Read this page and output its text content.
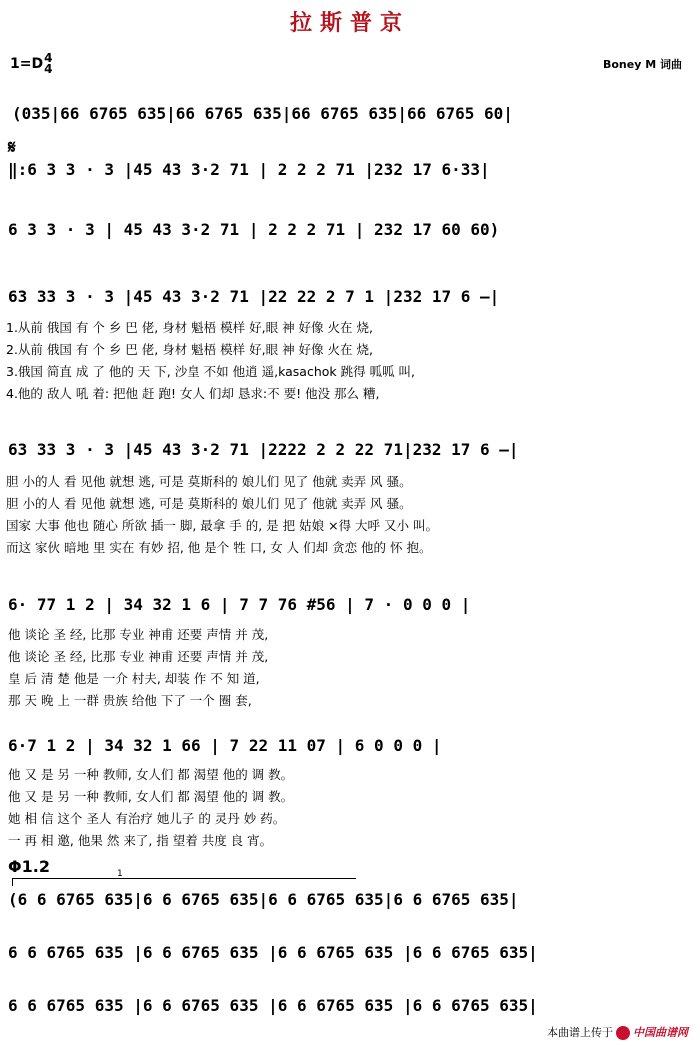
拉斯普京
1=D4
4	Boney M 词曲
(035|66 6765 635|66 6765 635|66 6765 635|66 6765 60|
𝄋
‖:6 3 3 · 3 |45 43 3·2 71 | 2 2 2 71 |232 17 6·33|
6 3 3 · 3 | 45 43 3·2 71 | 2 2 2 71 | 232 17 60 60)
63 33 3 · 3 |45 43 3·2 71 |22 22 2 7 1 |232 17 6 –|
1.从前 俄国 有 个 乡 巴 佬, 身材 魁梧 模样 好,眼 神 好像 火在 烧,
2.从前 俄国 有 个 乡 巴 佬, 身材 魁梧 模样 好,眼 神 好像 火在 烧,
3.俄国 简直 成 了 他的 天 下, 沙皇 不如 他逍 遥,kasachok 跳得 呱呱 叫,
4.他的 敌人 吼 着: 把他 赶 跑! 女人 们却 恳求:不 要! 他没 那么 糟,
63 33 3 · 3 |45 43 3·2 71 |2222 2 2 22 71|232 17 6 –|
胆 小的人 看 见他 就想 逃, 可是 莫斯科的 娘儿们 见了 他就 卖弄 风 骚。
胆 小的人 看 见他 就想 逃, 可是 莫斯科的 娘儿们 见了 他就 卖弄 风 骚。
国家 大事 他也 随心 所欲 插一 脚, 最拿 手 的, 是 把 姑娘 ×得 大呼 又小 叫。
而这 家伙 暗地 里 实在 有妙 招, 他 是个 牲 口, 女 人 们却 贪恋 他的 怀 抱。
6· 77 1 2 | 34 32 1 6 | 7 7 76 #56 | 7 · 0 0 0 |
他 谈论 圣 经, 比那 专业 神甫 还要 声情 并 茂,
他 谈论 圣 经, 比那 专业 神甫 还要 声情 并 茂,
皇 后 清 楚 他是 一介 村夫, 却装 作 不 知 道,
那 天 晚 上 一群 贵族 给他 下了 一个 圈 套,
6·7 1 2 | 34 32 1 66 | 7 22 11 07 | 6 0 0 0 |
他 又 是 另 一种 教师, 女人们 都 渴望 他的 调 教。
他 又 是 另 一种 教师, 女人们 都 渴望 他的 调 教。
她 相 信 这个 圣人 有治疗 她儿子 的 灵丹 妙 药。
一 再 相 邀, 他果 然 来了, 指 望着 共度 良 宵。
Φ1.2	1
(6 6 6765 635|6 6 6765 635|6 6 6765 635|6 6 6765 635|
6 6 6765 635 |6 6 6765 635 |6 6 6765 635 |6 6 6765 635|
6 6 6765 635 |6 6 6765 635 |6 6 6765 635 |6 6 6765 635|
本曲谱上传于 中国曲谱网
